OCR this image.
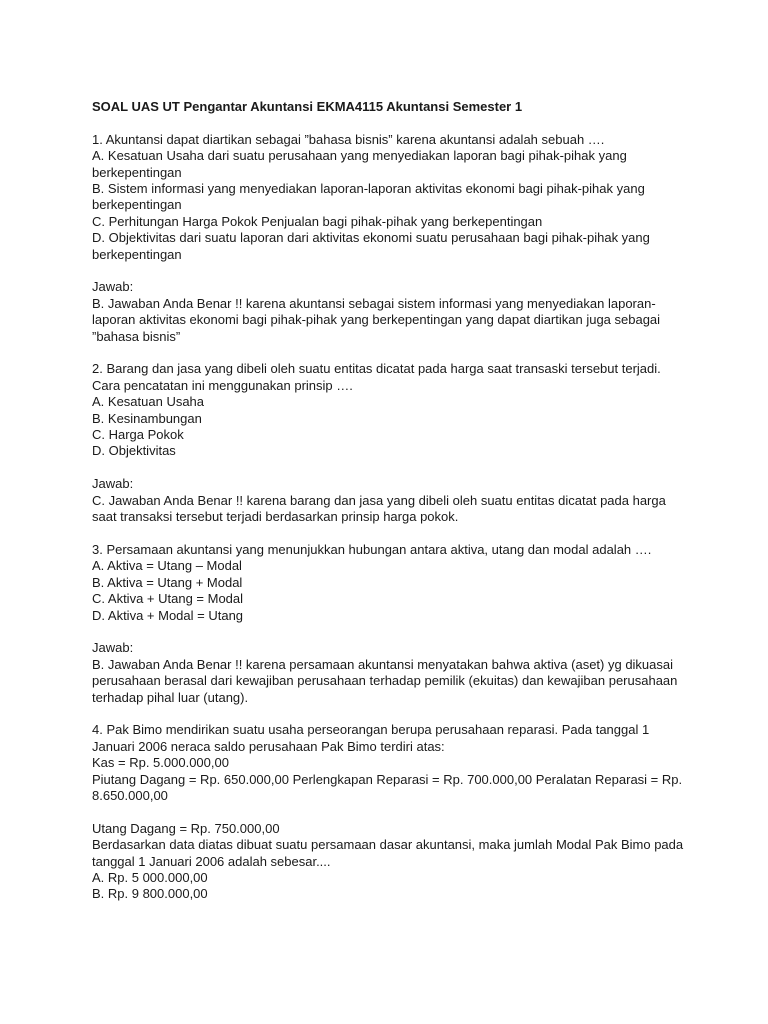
SOAL UAS UT Pengantar Akuntansi EKMA4115 Akuntansi Semester 1

1. Akuntansi dapat diartikan sebagai ”bahasa bisnis” karena akuntansi adalah sebuah ….

A. Kesatuan Usaha dari suatu perusahaan yang menyediakan laporan bagi pihak-pihak yang berkepentingan

B. Sistem informasi yang menyediakan laporan-laporan aktivitas ekonomi bagi pihak-pihak yang berkepentingan

C. Perhitungan Harga Pokok Penjualan bagi pihak-pihak yang berkepentingan

D. Objektivitas dari suatu laporan dari aktivitas ekonomi suatu perusahaan bagi pihak-pihak yang berkepentingan

Jawab:

B. Jawaban Anda Benar !! karena akuntansi sebagai sistem informasi yang menyediakan laporan-laporan aktivitas ekonomi bagi pihak-pihak yang berkepentingan yang dapat diartikan juga sebagai ”bahasa bisnis”

2. Barang dan jasa yang dibeli oleh suatu entitas dicatat pada harga saat transaski tersebut terjadi. Cara pencatatan ini menggunakan prinsip ….

A. Kesatuan Usaha

B. Kesinambungan

C. Harga Pokok

D. Objektivitas

Jawab:

C. Jawaban Anda Benar !! karena barang dan jasa yang dibeli oleh suatu entitas dicatat pada harga saat transaksi tersebut terjadi berdasarkan prinsip harga pokok.

3. Persamaan akuntansi yang menunjukkan hubungan antara aktiva, utang dan modal adalah ….

A. Aktiva = Utang – Modal

B. Aktiva = Utang + Modal

C. Aktiva + Utang = Modal

D. Aktiva + Modal = Utang

Jawab:

B. Jawaban Anda Benar !! karena persamaan akuntansi menyatakan bahwa aktiva (aset) yg dikuasai perusahaan berasal dari kewajiban perusahaan terhadap pemilik (ekuitas) dan kewajiban perusahaan terhadap pihal luar (utang).

4. Pak Bimo mendirikan suatu usaha perseorangan berupa perusahaan reparasi. Pada tanggal 1 Januari 2006 neraca saldo perusahaan Pak Bimo terdiri atas:

Kas = Rp. 5.000.000,00

Piutang Dagang = Rp. 650.000,00 Perlengkapan Reparasi = Rp. 700.000,00 Peralatan Reparasi = Rp. 8.650.000,00

Utang Dagang = Rp. 750.000,00

Berdasarkan data diatas dibuat suatu persamaan dasar akuntansi, maka jumlah Modal Pak Bimo pada tanggal 1 Januari 2006 adalah sebesar....

A. Rp. 5 000.000,00

B. Rp. 9 800.000,00
